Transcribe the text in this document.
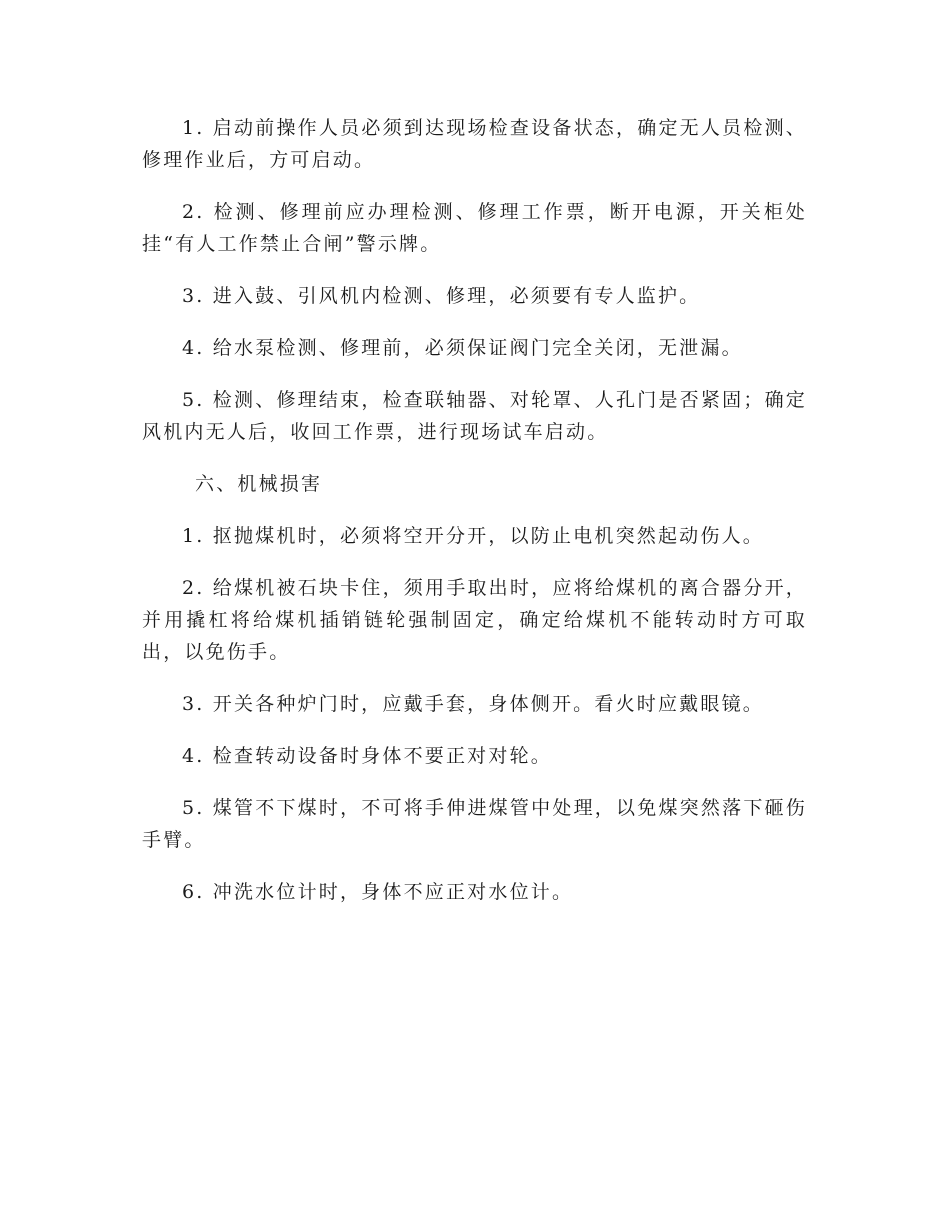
1. 启动前操作人员必须到达现场检查设备状态，确定无人员检测、修理作业后，方可启动。

2. 检测、修理前应办理检测、修理工作票，断开电源，开关柜处挂“有人工作禁止合闸”警示牌。

3. 进入鼓、引风机内检测、修理，必须要有专人监护。

4. 给水泵检测、修理前，必须保证阀门完全关闭，无泄漏。

5. 检测、修理结束，检查联轴器、对轮罩、人孔门是否紧固；确定风机内无人后，收回工作票，进行现场试车启动。

六、机械损害

1. 抠抛煤机时，必须将空开分开，以防止电机突然起动伤人。

2. 给煤机被石块卡住，须用手取出时，应将给煤机的离合器分开，并用撬杠将给煤机插销链轮强制固定，确定给煤机不能转动时方可取出，以免伤手。

3. 开关各种炉门时，应戴手套，身体侧开。看火时应戴眼镜。

4. 检查转动设备时身体不要正对对轮。

5. 煤管不下煤时，不可将手伸进煤管中处理，以免煤突然落下砸伤手臂。

6. 冲洗水位计时，身体不应正对水位计。
